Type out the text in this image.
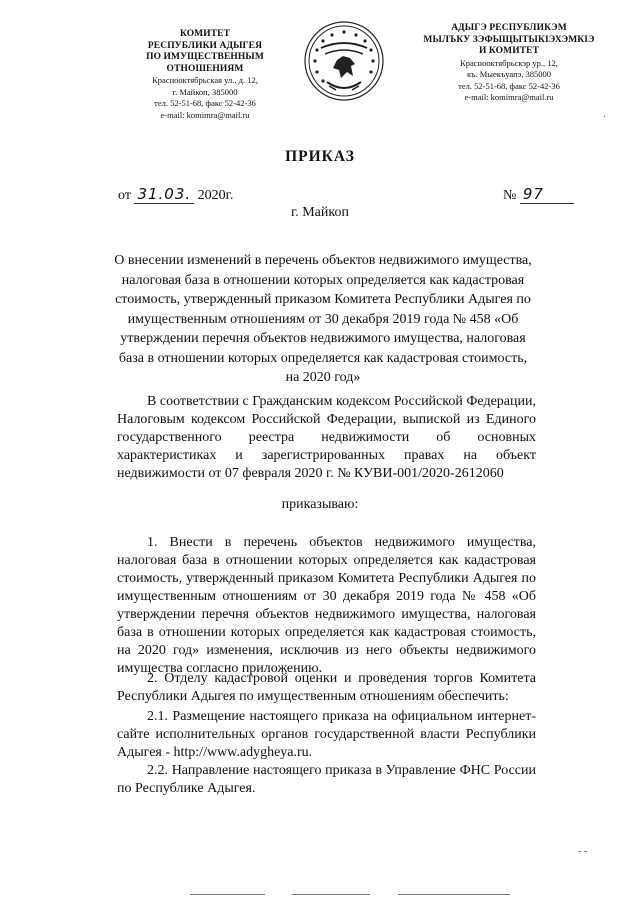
КОМИТЕТ
РЕСПУБЛИКИ АДЫГЕЯ
ПО ИМУЩЕСТВЕННЫМ ОТНОШЕНИЯМ
Краснооктябрьская ул., д. 12,
г. Майкоп, 385000
тел. 52-51-68, факс 52-42-36
e-mail: komimra@mail.ru
АДЫГЭ РЕСПУБЛИКЭМ
МЫЛЪКУ ЗЭФЫЩЫТЫКIЭХЭМКIЭ
И КОМИТЕТ
Краснооктябрьскэр ур., 12,
къ. Мыекъуапэ, 385000
тел. 52-51-68, факс 52-42-36
e-mail: komimra@mail.ru
·
ПРИКАЗ
от 31.03. 2020г.	№ 97
г. Майкоп
О внесении изменений в перечень объектов недвижимого имущества, налоговая база в отношении которых определяется как кадастровая стоимость, утвержденный приказом Комитета Республики Адыгея по имущественным отношениям от 30 декабря 2019 года № 458 «Об утверждении перечня объектов недвижимого имущества, налоговая база в отношении которых определяется как кадастровая стоимость, на 2020 год»
В соответствии с Гражданским кодексом Российской Федерации, Налоговым кодексом Российской Федерации, выпиской из Единого государственного реестра недвижимости об основных характеристиках и зарегистрированных правах на объект недвижимости от 07 февраля 2020 г. № КУВИ-001/2020-2612060
приказываю:
1. Внести в перечень объектов недвижимого имущества, налоговая база в отношении которых определяется как кадастровая стоимость, утвержденный приказом Комитета Республики Адыгея по имущественным отношениям от 30 декабря 2019 года № 458 «Об утверждении перечня объектов недвижимого имущества, налоговая база в отношении которых определяется как кадастровая стоимость, на 2020 год» изменения, исключив из него объекты недвижимого имущества согласно приложению.
2. Отделу кадастровой оценки и проведения торгов Комитета Республики Адыгея по имущественным отношениям обеспечить:
2.1. Размещение настоящего приказа на официальном интернет-сайте исполнительных органов государственной власти Республики Адыгея - http://www.adygheya.ru.
2.2. Направление настоящего приказа в Управление ФНС России по Республике Адыгея.
- -
